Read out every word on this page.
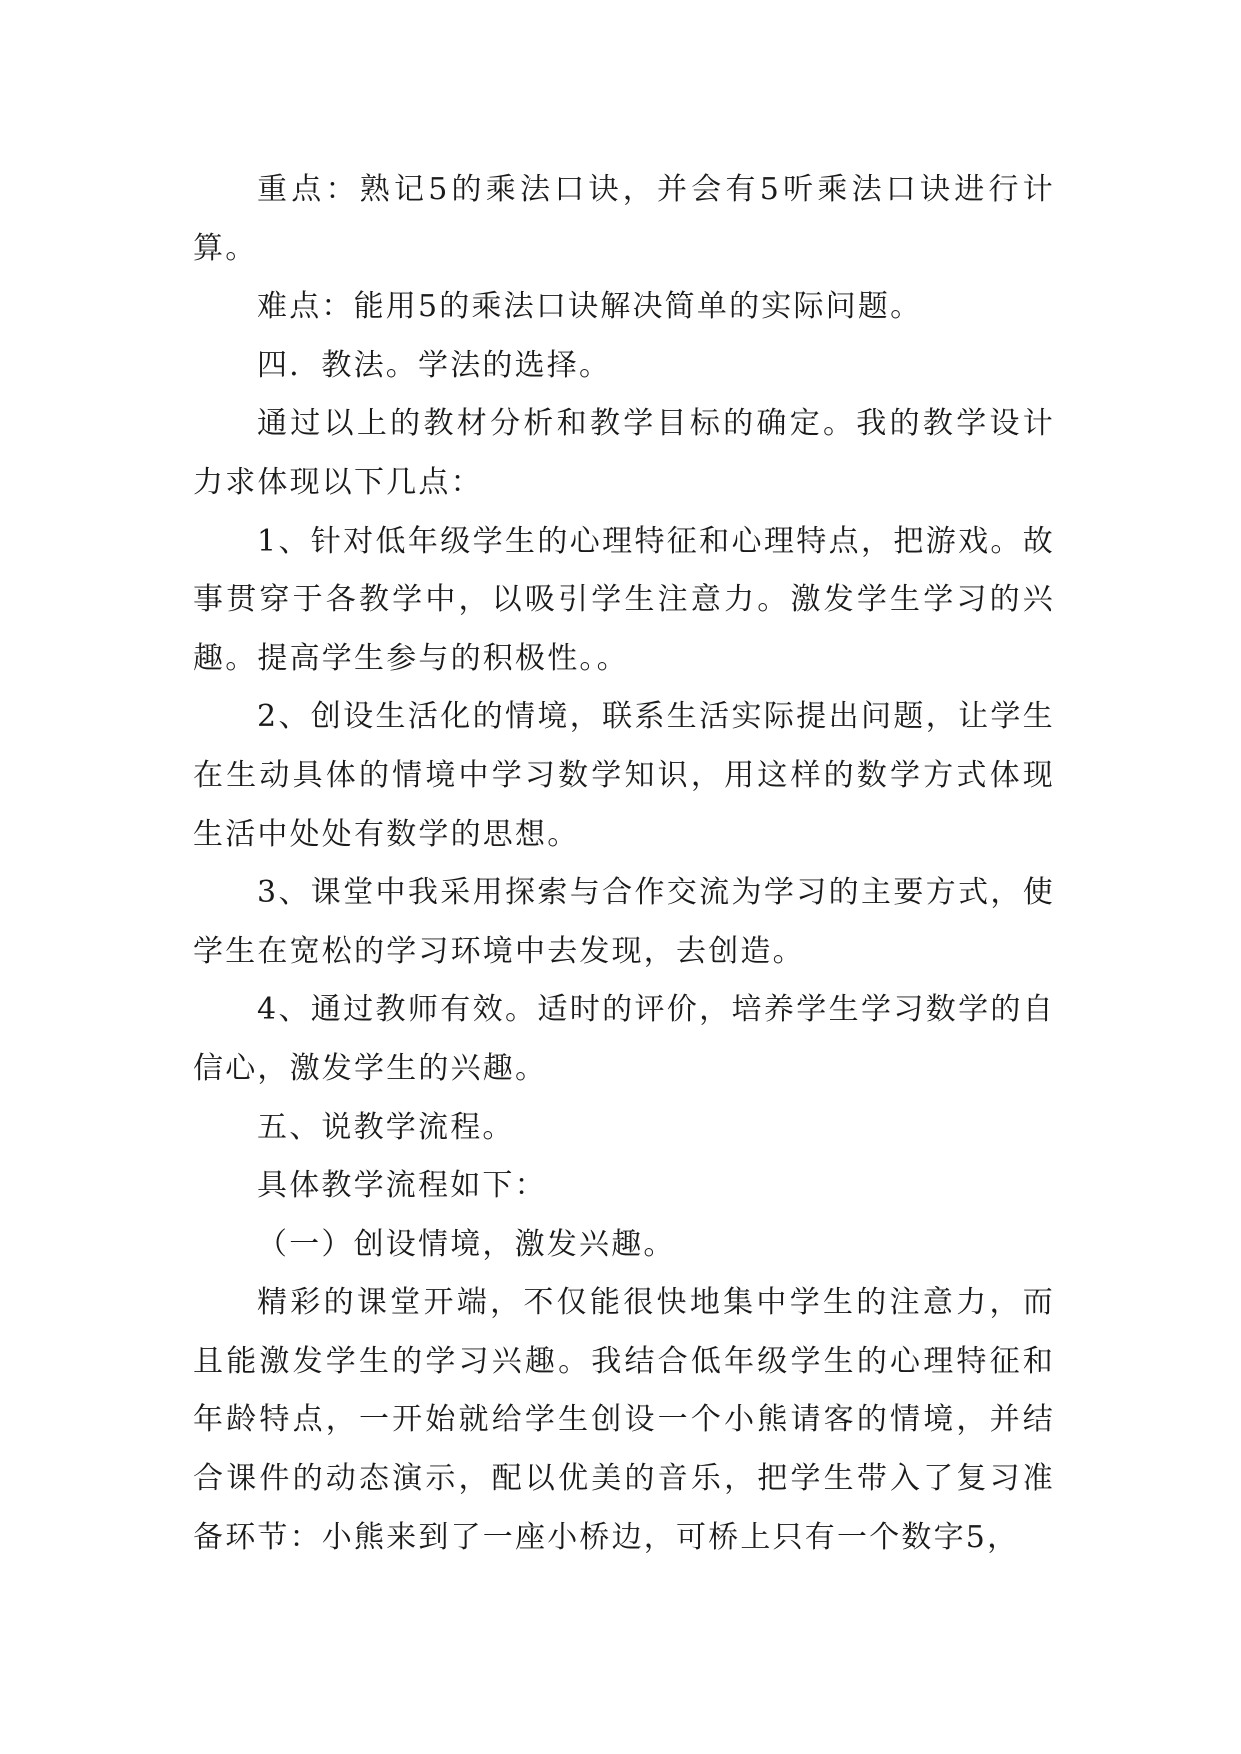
重点：熟记5的乘法口诀，并会有5听乘法口诀进行计算。

难点：能用5的乘法口诀解决简单的实际问题。

四．教法。学法的选择。

通过以上的教材分析和教学目标的确定。我的教学设计力求体现以下几点：

1、针对低年级学生的心理特征和心理特点，把游戏。故事贯穿于各教学中，以吸引学生注意力。激发学生学习的兴趣。提高学生参与的积极性。。

2、创设生活化的情境，联系生活实际提出问题，让学生在生动具体的情境中学习数学知识，用这样的数学方式体现生活中处处有数学的思想。

3、课堂中我采用探索与合作交流为学习的主要方式，使学生在宽松的学习环境中去发现，去创造。

4、通过教师有效。适时的评价，培养学生学习数学的自信心，激发学生的兴趣。

五、说教学流程。

具体教学流程如下：

（一）创设情境，激发兴趣。

精彩的课堂开端，不仅能很快地集中学生的注意力，而且能激发学生的学习兴趣。我结合低年级学生的心理特征和年龄特点，一开始就给学生创设一个小熊请客的情境，并结合课件的动态演示，配以优美的音乐，把学生带入了复习准备环节：小熊来到了一座小桥边，可桥上只有一个数字5，
